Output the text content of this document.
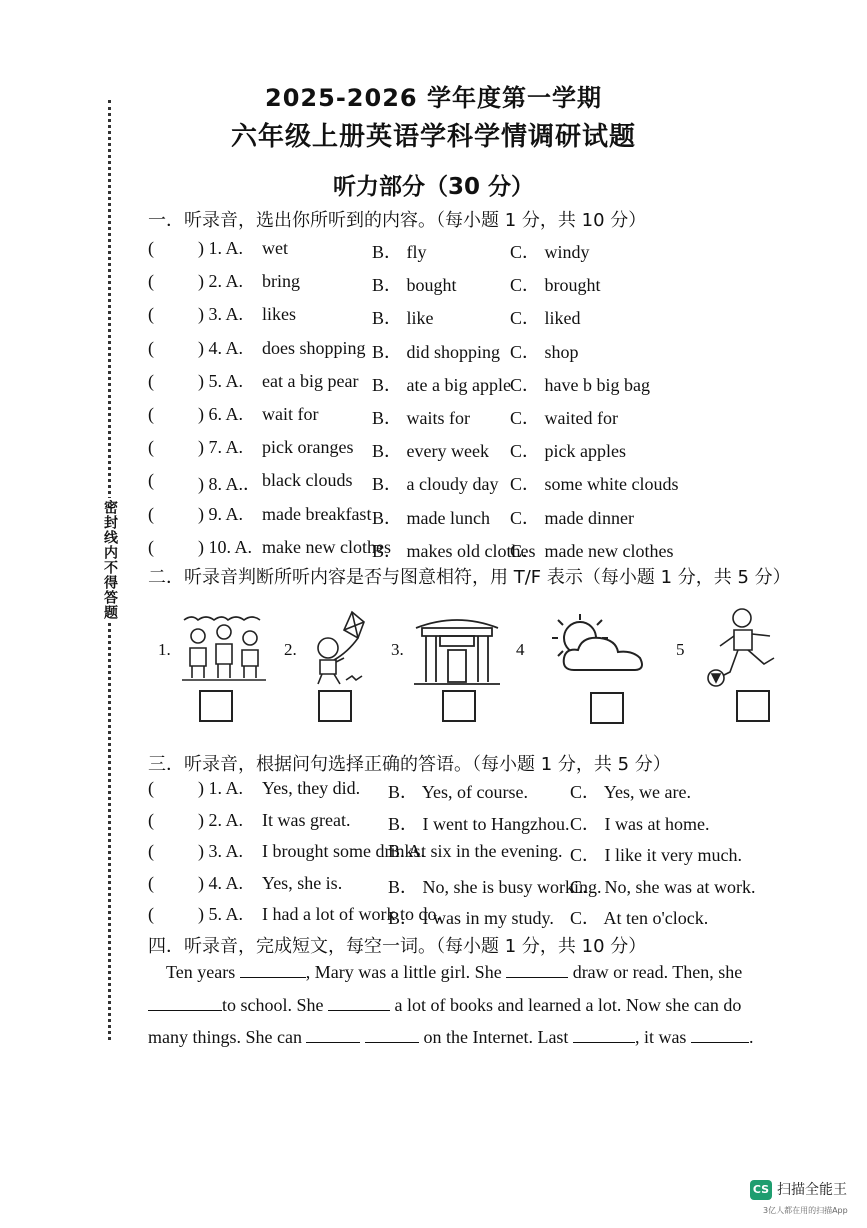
2025-2026 学年度第一学期
六年级上册英语学科学情调研试题
听力部分（30 分）
密封线内不得答题
一．听录音，选出你所听到的内容。（每小题 1 分，共 10 分）
( ) 1. A. wet	B． fly	C． windy
( ) 2. A. bring	B． bought	C． brought
( ) 3. A. likes	B． like	C． liked
( ) 4. A. does shopping B． did shopping C． shop
( ) 5. A. eat a big pear B． ate a big apple C． have b big bag
( ) 6. A. wait for	B． waits for C． waited for
( ) 7. A. pick oranges B． every week C． pick apples
( ) 8. A.． black clouds B． a cloudy day C． some white clouds
( ) 9. A. made breakfast B． made lunch C． made dinner
( ) 10. A. make new clothes
B． makes old clothes
C． made new clothes
二．听录音判断所听内容是否与图意相符，用 T/F 表示（每小题 1 分，共 5 分）
1.	2.	3.	4	5
三．听录音，根据问句选择正确的答语。（每小题 1 分，共 5 分）
( ) 1. A. Yes, they did. B． Yes, of course. C． Yes, we are.
( ) 2. A. It was great. B． I went to Hangzhou. C． I was at home.
( ) 3. A. I brought some drinks.
B. At six in the evening. C． I like it very much.
( ) 4. A. Yes, she is.	B． No, she is busy working.
C． No, she was at work.
( ) 5. A. I had a lot of work to do.
B． I was in my study. C． At ten o'clock.
四．听录音，完成短文，每空一词。（每小题 1 分，共 10 分）
Ten years	, Mary was a little girl. She	draw or read. Then, she
to school. She	a lot of books and learned a lot. Now she can do
many things. She can	on the Internet. Last	, it was	.
CS 扫描全能王
3亿人都在用的扫描App
